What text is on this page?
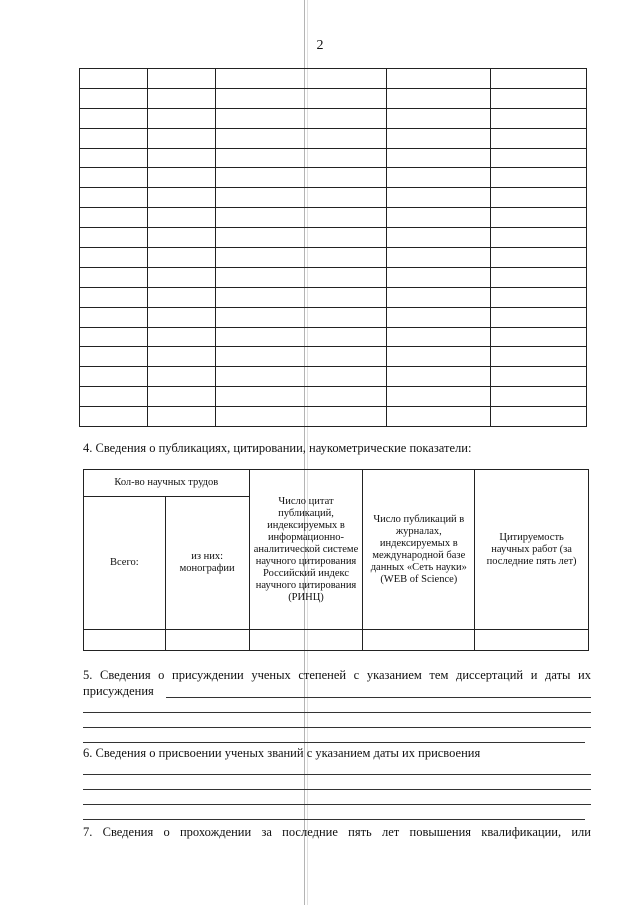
2

4. Сведения о публикациях, цитировании, наукометрические показатели:
Кол-во научных трудов		Число цитат публикаций, индексируемых в информационно-аналитической системе научного цитирования Российский индекс научного цитирования (РИНЦ)	Число публикаций в журналах, индексируемых в международной базе данных «Сеть науки» (WEB of Science)	Цитируемость научных работ (за последние пять лет)
Всего:	из них: монографии			

5. Сведения о присуждении ученых степеней с указанием тем диссертаций и даты их
присуждения
6. Сведения о присвоении ученых званий с указанием даты их присвоения
7. Сведения о прохождении за последние пять лет повышения квалификации, или
